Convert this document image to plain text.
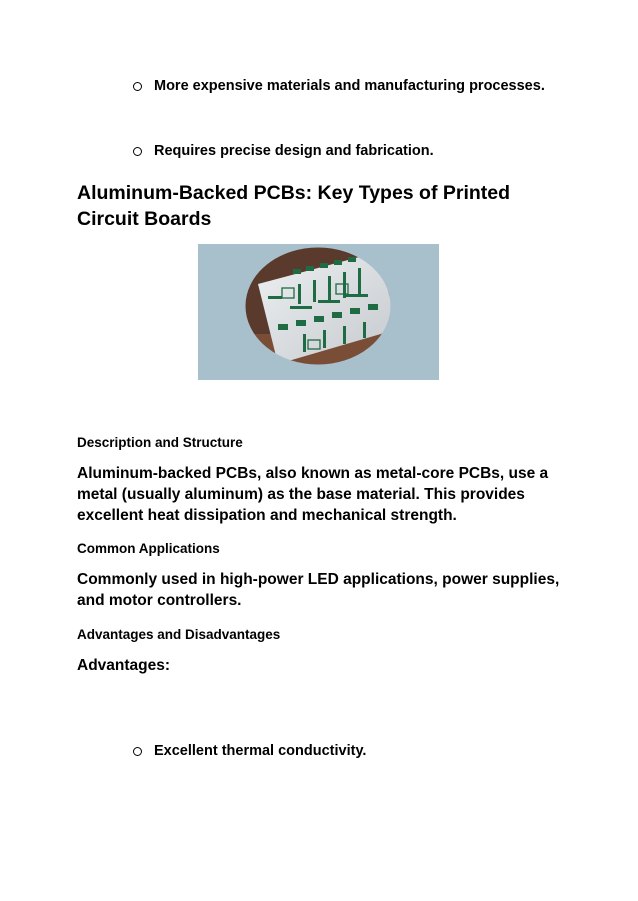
More expensive materials and manufacturing processes.
Requires precise design and fabrication.
Aluminum-Backed PCBs: Key Types of Printed Circuit Boards
Description and Structure
Aluminum-backed PCBs, also known as metal-core PCBs, use a metal (usually aluminum) as the base material. This provides excellent heat dissipation and mechanical strength.
Common Applications
Commonly used in high-power LED applications, power supplies, and motor controllers.
Advantages and Disadvantages
Advantages:
Excellent thermal conductivity.
